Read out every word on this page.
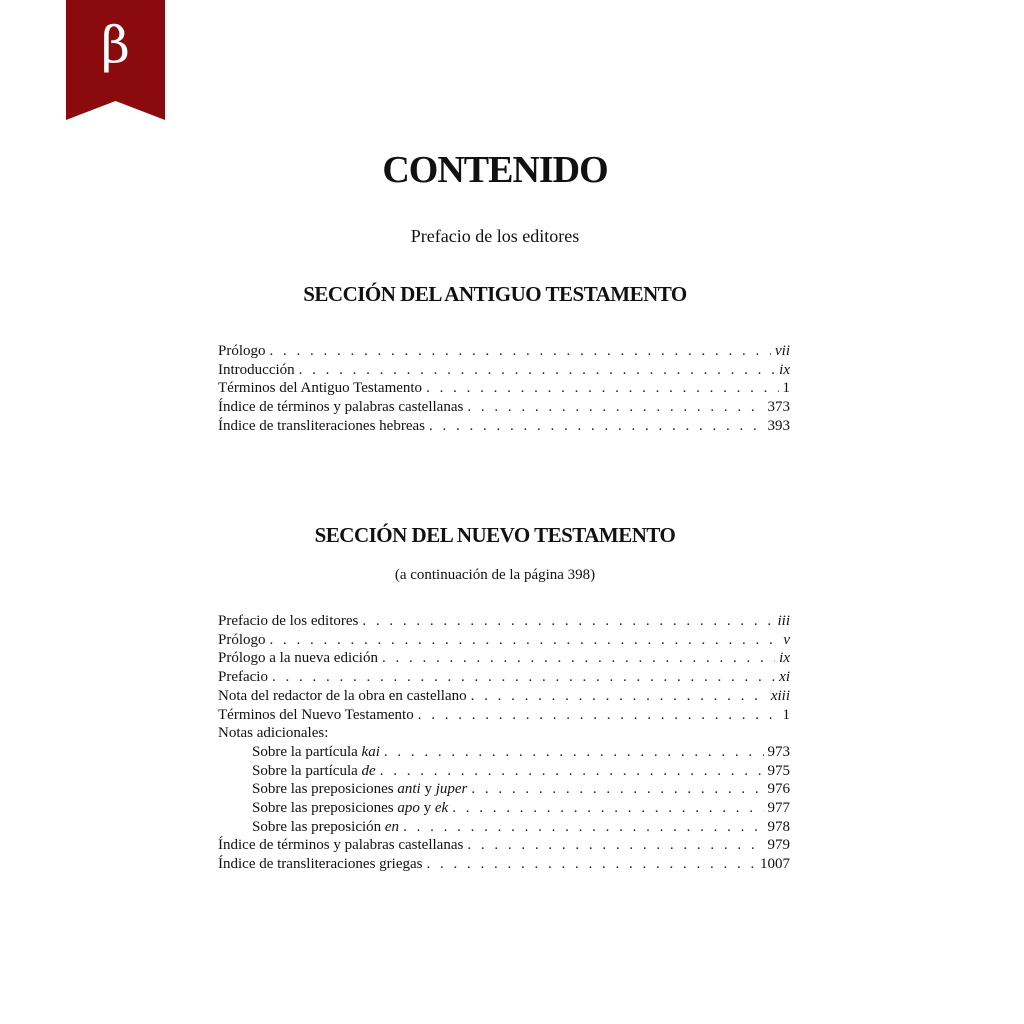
β
CONTENIDO
Prefacio de los editores
SECCIÓN DEL ANTIGUO TESTAMENTO
Prólogo . . .	vii
Introducción . . .	ix
Términos del Antiguo Testamento . . .	1
Índice de términos y palabras castellanas . . .	373
Índice de transliteraciones hebreas . . .	393
SECCIÓN DEL NUEVO TESTAMENTO
(a continuación de la página 398)
Prefacio de los editores . . .	iii
Prólogo . . .	v
Prólogo a la nueva edición . . .	ix
Prefacio . . .	xi
Nota del redactor de la obra en castellano . . .	xiii
Términos del Nuevo Testamento . . .	1
Notas adicionales:
Sobre la partícula kai . . .	973
Sobre la partícula de . . .	975
Sobre las preposiciones anti y juper . . .	976
Sobre las preposiciones apo y ek . . .	977
Sobre las preposición en . . .	978
Índice de términos y palabras castellanas . . .	979
Índice de transliteraciones griegas . . .	1007
